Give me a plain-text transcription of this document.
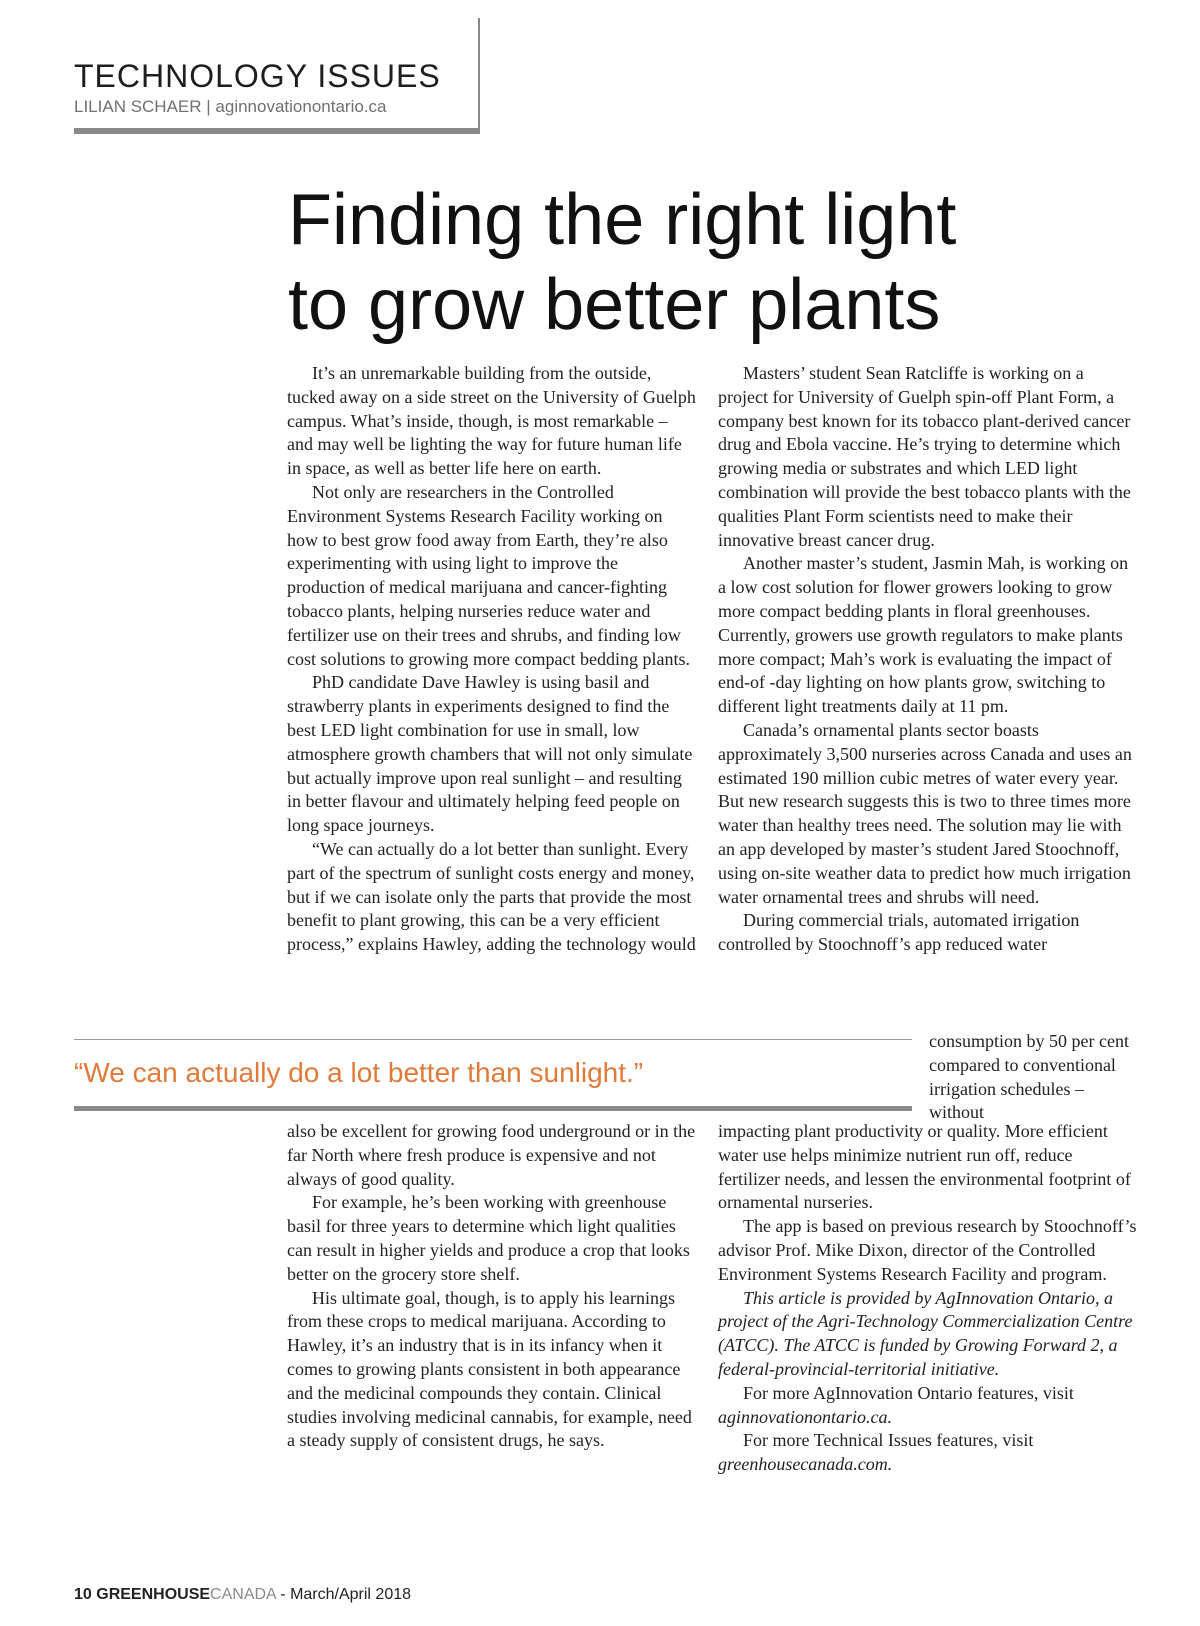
TECHNOLOGY ISSUES
LILIAN SCHAER | aginnovationontario.ca
Finding the right light
to grow better plants

It’s an unremarkable building from the outside, tucked away on a side street on the University of Guelph campus. What’s inside, though, is most remarkable – and may well be lighting the way for future human life in space, as well as better life here on earth.

Not only are researchers in the Controlled Environment Systems Research Facility working on how to best grow food away from Earth, they’re also experimenting with using light to improve the production of medical marijuana and cancer-fighting tobacco plants, helping nurseries reduce water and fertilizer use on their trees and shrubs, and finding low cost solutions to growing more compact bedding plants.

PhD candidate Dave Hawley is using basil and strawberry plants in experiments designed to find the best LED light combination for use in small, low atmosphere growth chambers that will not only simulate but actually improve upon real sunlight – and resulting in better flavour and ultimately helping feed people on long space journeys.

“We can actually do a lot better than sunlight. Every part of the spectrum of sunlight costs energy and money, but if we can isolate only the parts that provide the most benefit to plant growing, this can be a very efficient process,” explains Hawley, adding the technology would

Masters’ student Sean Ratcliffe is working on a project for University of Guelph spin-off Plant Form, a company best known for its tobacco plant-derived cancer drug and Ebola vaccine. He’s trying to determine which growing media or substrates and which LED light combination will provide the best tobacco plants with the qualities Plant Form scientists need to make their innovative breast cancer drug.

Another master’s student, Jasmin Mah, is working on a low cost solution for flower growers looking to grow more compact bedding plants in floral greenhouses. Currently, growers use growth regulators to make plants more compact; Mah’s work is evaluating the impact of end-of -day lighting on how plants grow, switching to different light treatments daily at 11 pm.

Canada’s ornamental plants sector boasts approximately 3,500 nurseries across Canada and uses an estimated 190 million cubic metres of water every year. But new research suggests this is two to three times more water than healthy trees need. The solution may lie with an app developed by master’s student Jared Stoochnoff, using on-site weather data to predict how much irrigation water ornamental trees and shrubs will need.

During commercial trials, automated irrigation controlled by Stoochnoff’s app reduced water

consumption by 50 per cent compared to conventional irrigation schedules – without

“We can actually do a lot better than sunlight.”

also be excellent for growing food underground or in the far North where fresh produce is expensive and not always of good quality.

For example, he’s been working with greenhouse basil for three years to determine which light qualities can result in higher yields and produce a crop that looks better on the grocery store shelf.

His ultimate goal, though, is to apply his learnings from these crops to medical marijuana. According to Hawley, it’s an industry that is in its infancy when it comes to growing plants consistent in both appearance and the medicinal compounds they contain. Clinical studies involving medicinal cannabis, for example, need a steady supply of consistent drugs, he says.

impacting plant productivity or quality. More efficient water use helps minimize nutrient run off, reduce fertilizer needs, and lessen the environmental footprint of ornamental nurseries.

The app is based on previous research by Stoochnoff’s advisor Prof. Mike Dixon, director of the Controlled Environment Systems Research Facility and program.

This article is provided by AgInnovation Ontario, a project of the Agri-Technology Commercialization Centre (ATCC). The ATCC is funded by Growing Forward 2, a federal-provincial-territorial initiative.

For more AgInnovation Ontario features, visit aginnovationontario.ca.

For more Technical Issues features, visit greenhousecanada.com.

10 GREENHOUSECANADA - March/April 2018
